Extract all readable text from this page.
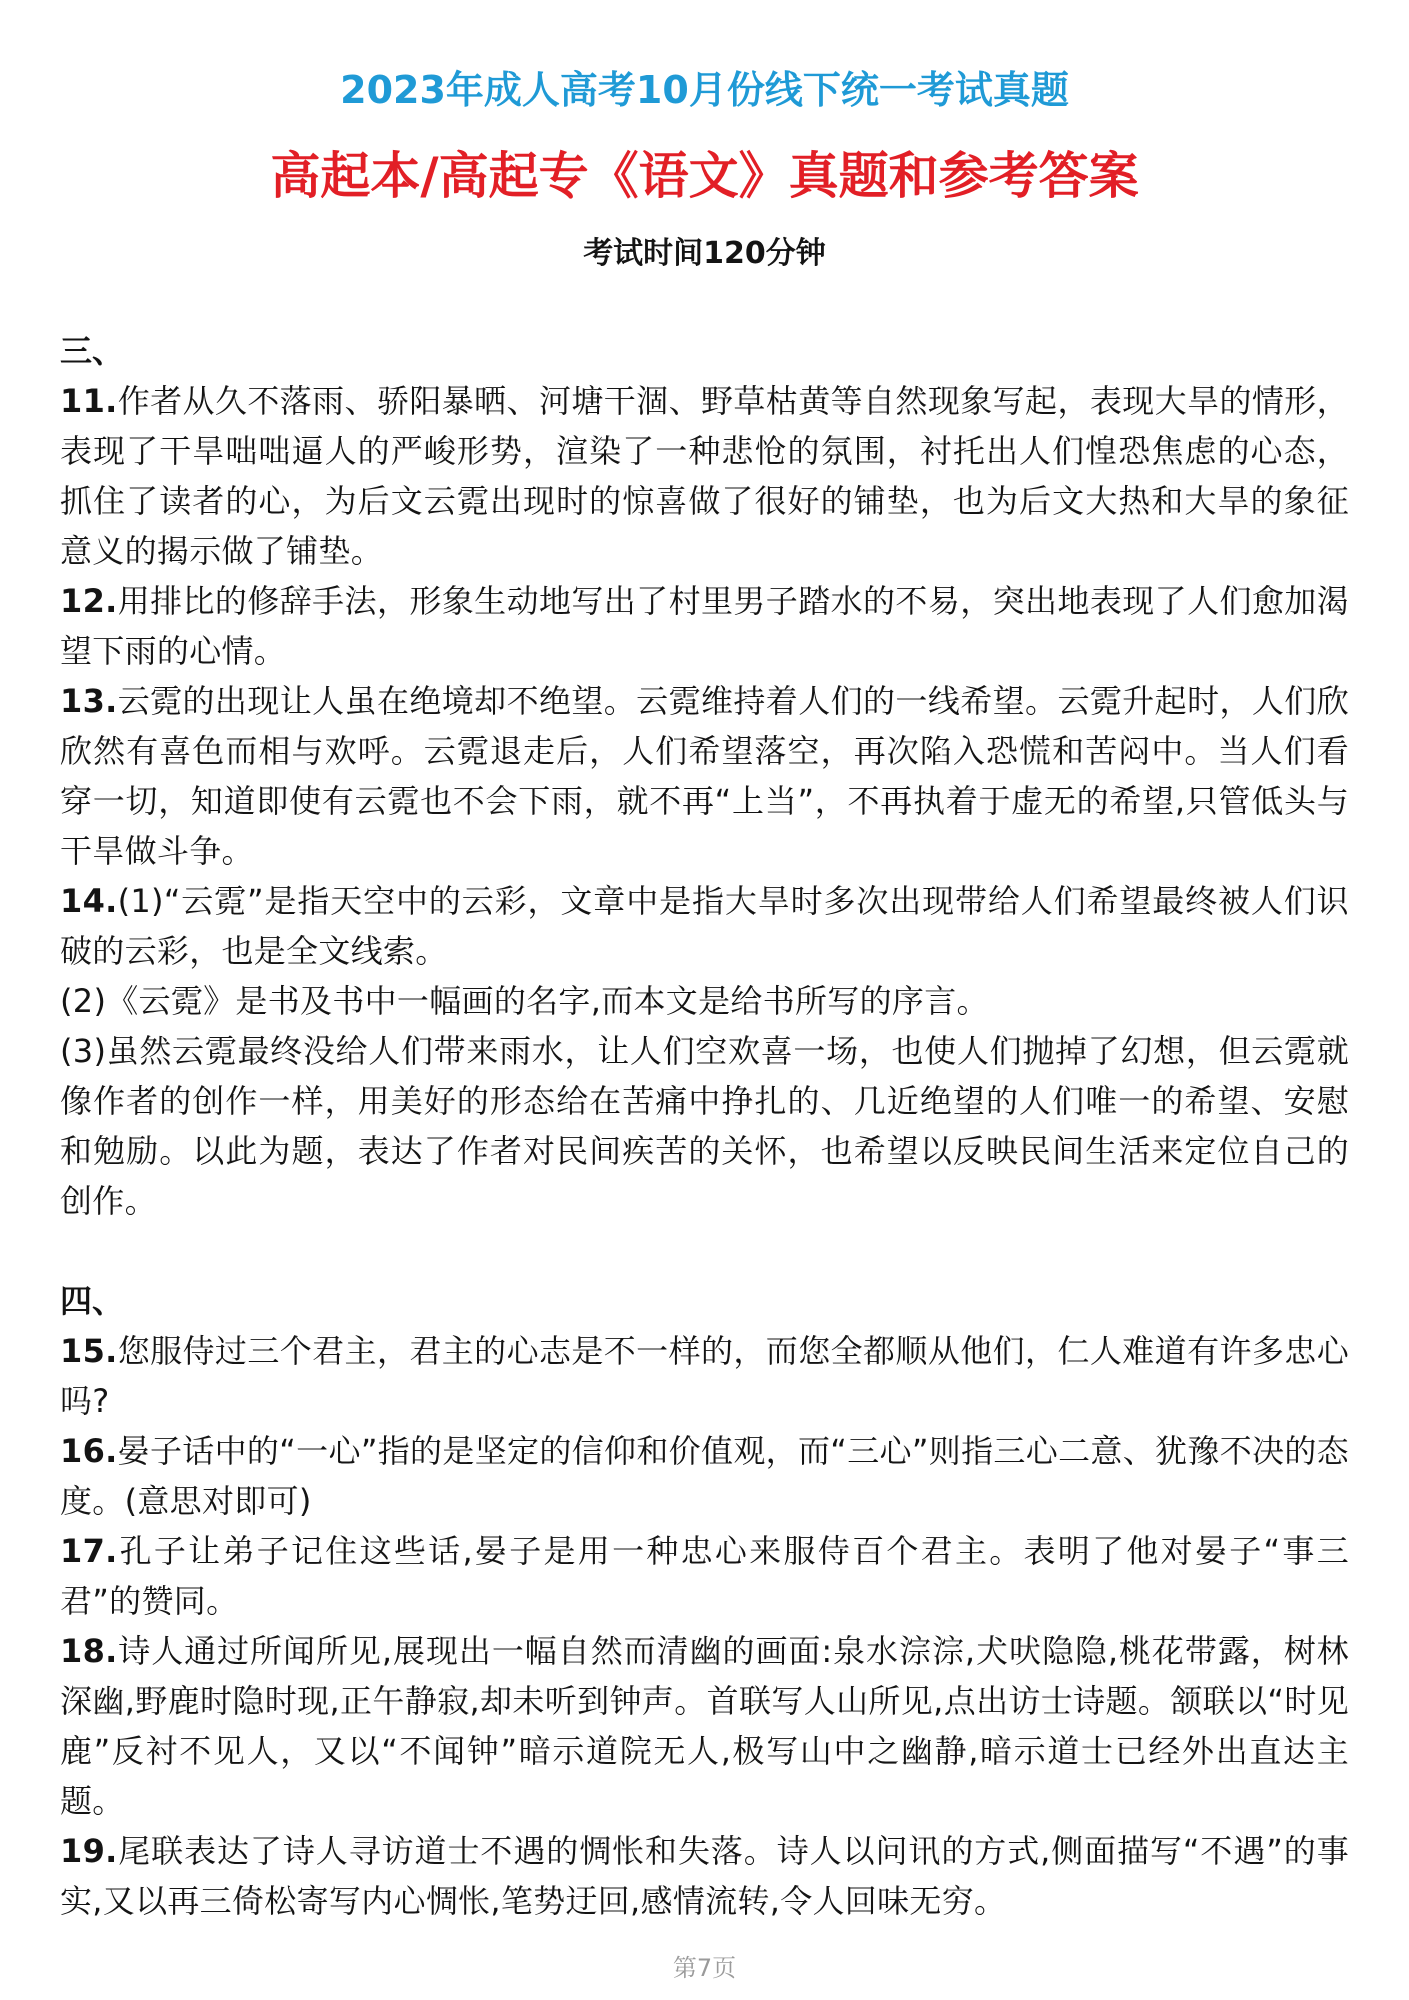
2023年成人高考10月份线下统一考试真题
高起本/高起专《语文》真题和参考答案
考试时间120分钟
三、
11.作者从久不落雨、骄阳暴晒、河塘干涸、野草枯黄等自然现象写起，表现大旱的情形，表现了干旱咄咄逼人的严峻形势，渲染了一种悲怆的氛围，衬托出人们惶恐焦虑的心态，抓住了读者的心，为后文云霓出现时的惊喜做了很好的铺垫，也为后文大热和大旱的象征意义的揭示做了铺垫。
12.用排比的修辞手法，形象生动地写出了村里男子踏水的不易，突出地表现了人们愈加渴望下雨的心情。
13.云霓的出现让人虽在绝境却不绝望。云霓维持着人们的一线希望。云霓升起时，人们欣欣然有喜色而相与欢呼。云霓退走后，人们希望落空，再次陷入恐慌和苦闷中。当人们看穿一切，知道即使有云霓也不会下雨，就不再“上当”，不再执着于虚无的希望,只管低头与干旱做斗争。
14.(1)“云霓”是指天空中的云彩，文章中是指大旱时多次出现带给人们希望最终被人们识破的云彩，也是全文线索。
(2)《云霓》是书及书中一幅画的名字,而本文是给书所写的序言。
(3)虽然云霓最终没给人们带来雨水，让人们空欢喜一场，也使人们抛掉了幻想，但云霓就像作者的创作一样，用美好的形态给在苦痛中挣扎的、几近绝望的人们唯一的希望、安慰和勉励。以此为题，表达了作者对民间疾苦的关怀，也希望以反映民间生活来定位自己的创作。
四、
15.您服侍过三个君主，君主的心志是不一样的，而您全都顺从他们，仁人难道有许多忠心吗?
16.晏子话中的“一心”指的是坚定的信仰和价值观，而“三心”则指三心二意、犹豫不决的态度。(意思对即可)
17.孔子让弟子记住这些话,晏子是用一种忠心来服侍百个君主。表明了他对晏子“事三君”的赞同。
18.诗人通过所闻所见,展现出一幅自然而清幽的画面:泉水淙淙,犬吠隐隐,桃花带露，树林深幽,野鹿时隐时现,正午静寂,却未听到钟声。首联写人山所见,点出访士诗题。颔联以“时见鹿”反衬不见人，又以“不闻钟”暗示道院无人,极写山中之幽静,暗示道士已经外出直达主题。
19.尾联表达了诗人寻访道士不遇的惆怅和失落。诗人以问讯的方式,侧面描写“不遇”的事实,又以再三倚松寄写内心惆怅,笔势迂回,感情流转,令人回味无穷。
第7页
